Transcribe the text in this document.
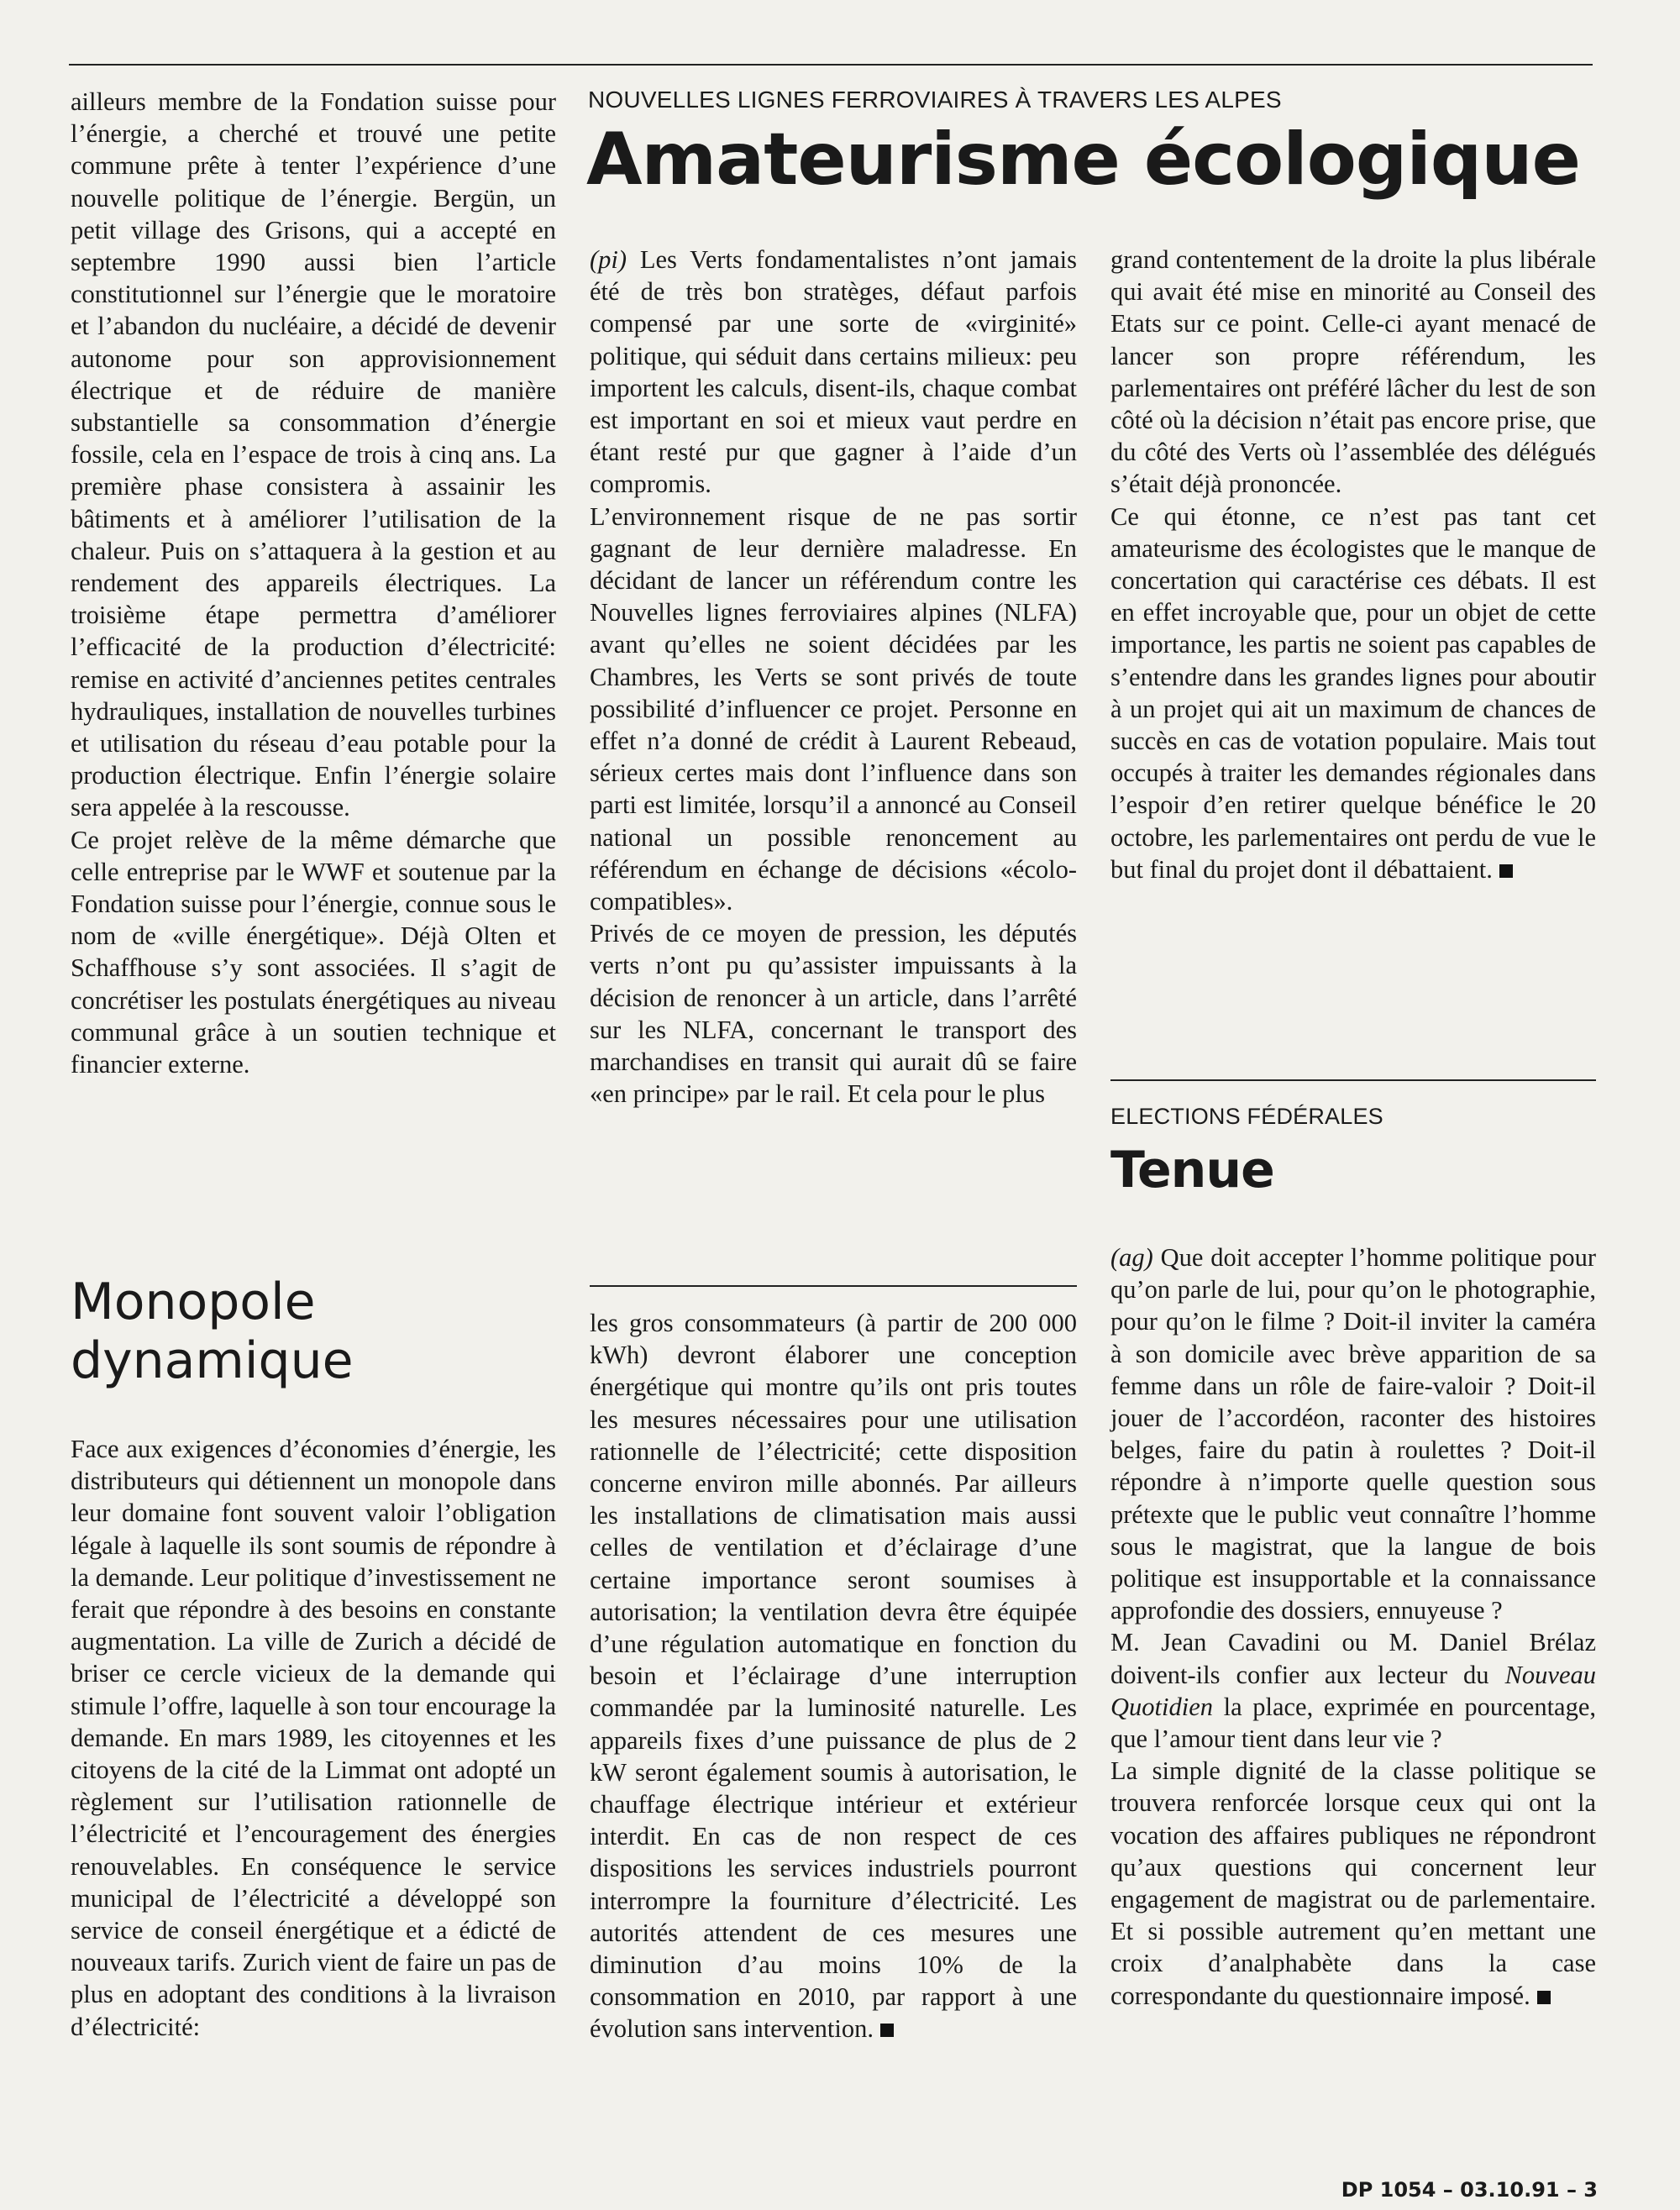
ailleurs membre de la Fondation suisse pour l’énergie, a cherché et trouvé une petite commune prête à tenter l’expérience d’une nouvelle politique de l’énergie. Bergün, un petit village des Grisons, qui a accepté en septembre 1990 aussi bien l’article constitutionnel sur l’énergie que le moratoire et l’abandon du nucléaire, a décidé de devenir autonome pour son approvisionnement électrique et de réduire de manière substantielle sa consommation d’énergie fossile, cela en l’espace de trois à cinq ans. La première phase consistera à assainir les bâtiments et à améliorer l’utilisation de la chaleur. Puis on s’attaquera à la gestion et au rendement des appareils électriques. La troisième étape permettra d’améliorer l’efficacité de la production d’électricité: remise en activité d’anciennes petites centrales hydrauliques, installation de nouvelles turbines et utilisation du réseau d’eau potable pour la production électrique. Enfin l’énergie solaire sera appelée à la rescousse.

Ce projet relève de la même démarche que celle entreprise par le WWF et soutenue par la Fondation suisse pour l’énergie, connue sous le nom de «ville énergétique». Déjà Olten et Schaffhouse s’y sont associées. Il s’agit de concrétiser les postulats énergétiques au niveau communal grâce à un soutien technique et financier externe.

NOUVELLES LIGNES FERROVIAIRES À TRAVERS LES ALPES
Amateurisme écologique

(pi) Les Verts fondamentalistes n’ont jamais été de très bon stratèges, défaut parfois compensé par une sorte de «virginité» politique, qui séduit dans certains milieux: peu importent les calculs, disent-ils, chaque combat est important en soi et mieux vaut perdre en étant resté pur que gagner à l’aide d’un compromis.

L’environnement risque de ne pas sortir gagnant de leur dernière maladresse. En décidant de lancer un référendum contre les Nouvelles lignes ferroviaires alpines (NLFA) avant qu’elles ne soient décidées par les Chambres, les Verts se sont privés de toute possibilité d’influencer ce projet. Personne en effet n’a donné de crédit à Laurent Rebeaud, sérieux certes mais dont l’influence dans son parti est limitée, lorsqu’il a annoncé au Conseil national un possible renoncement au référendum en échange de décisions «écolo-compatibles».

Privés de ce moyen de pression, les députés verts n’ont pu qu’assister impuissants à la décision de renoncer à un article, dans l’arrêté sur les NLFA, concernant le transport des marchandises en transit qui aurait dû se faire «en principe» par le rail. Et cela pour le plus

grand contentement de la droite la plus libérale qui avait été mise en minorité au Conseil des Etats sur ce point. Celle-ci ayant menacé de lancer son propre référendum, les parlementaires ont préféré lâcher du lest de son côté où la décision n’était pas encore prise, que du côté des Verts où l’assemblée des délégués s’était déjà prononcée.

Ce qui étonne, ce n’est pas tant cet amateurisme des écologistes que le manque de concertation qui caractérise ces débats. Il est en effet incroyable que, pour un objet de cette importance, les partis ne soient pas capables de s’entendre dans les grandes lignes pour aboutir à un projet qui ait un maximum de chances de succès en cas de votation populaire. Mais tout occupés à traiter les demandes régionales dans l’espoir d’en retirer quelque bénéfice le 20 octobre, les parlementaires ont perdu de vue le but final du projet dont il débattaient.

ELECTIONS FÉDÉRALES
Tenue

(ag) Que doit accepter l’homme politique pour qu’on parle de lui, pour qu’on le photographie, pour qu’on le filme ? Doit-il inviter la caméra à son domicile avec brève apparition de sa femme dans un rôle de faire-valoir ? Doit-il jouer de l’accordéon, raconter des histoires belges, faire du patin à roulettes ? Doit-il répondre à n’importe quelle question sous prétexte que le public veut connaître l’homme sous le magistrat, que la langue de bois politique est insupportable et la connaissance approfondie des dossiers, ennuyeuse ?

M. Jean Cavadini ou M. Daniel Brélaz doivent-ils confier aux lecteur du Nouveau Quotidien la place, exprimée en pourcentage, que l’amour tient dans leur vie ?

La simple dignité de la classe politique se trouvera renforcée lorsque ceux qui ont la vocation des affaires publiques ne répondront qu’aux questions qui concernent leur engagement de magistrat ou de parlementaire. Et si possible autrement qu’en mettant une croix d’analphabète dans la case correspondante du questionnaire imposé.

Monopole
dynamique

Face aux exigences d’économies d’énergie, les distributeurs qui détiennent un monopole dans leur domaine font souvent valoir l’obligation légale à laquelle ils sont soumis de répondre à la demande. Leur politique d’investissement ne ferait que répondre à des besoins en constante augmentation. La ville de Zurich a décidé de briser ce cercle vicieux de la demande qui stimule l’offre, laquelle à son tour encourage la demande. En mars 1989, les citoyennes et les citoyens de la cité de la Limmat ont adopté un règlement sur l’utilisation rationnelle de l’électricité et l’encouragement des énergies renouvelables. En conséquence le service municipal de l’électricité a développé son service de conseil énergétique et a édicté de nouveaux tarifs. Zurich vient de faire un pas de plus en adoptant des conditions à la livraison d’électricité:

les gros consommateurs (à partir de 200 000 kWh) devront élaborer une conception énergétique qui montre qu’ils ont pris toutes les mesures nécessaires pour une utilisation rationnelle de l’électricité; cette disposition concerne environ mille abonnés. Par ailleurs les installations de climatisation mais aussi celles de ventilation et d’éclairage d’une certaine importance seront soumises à autorisation; la ventilation devra être équipée d’une régulation automatique en fonction du besoin et l’éclairage d’une interruption commandée par la luminosité naturelle. Les appareils fixes d’une puissance de plus de 2 kW seront également soumis à autorisation, le chauffage électrique intérieur et extérieur interdit. En cas de non respect de ces dispositions les services industriels pourront interrompre la fourniture d’électricité. Les autorités attendent de ces mesures une diminution d’au moins 10% de la consommation en 2010, par rapport à une évolution sans intervention.

DP 1054 – 03.10.91 – 3
